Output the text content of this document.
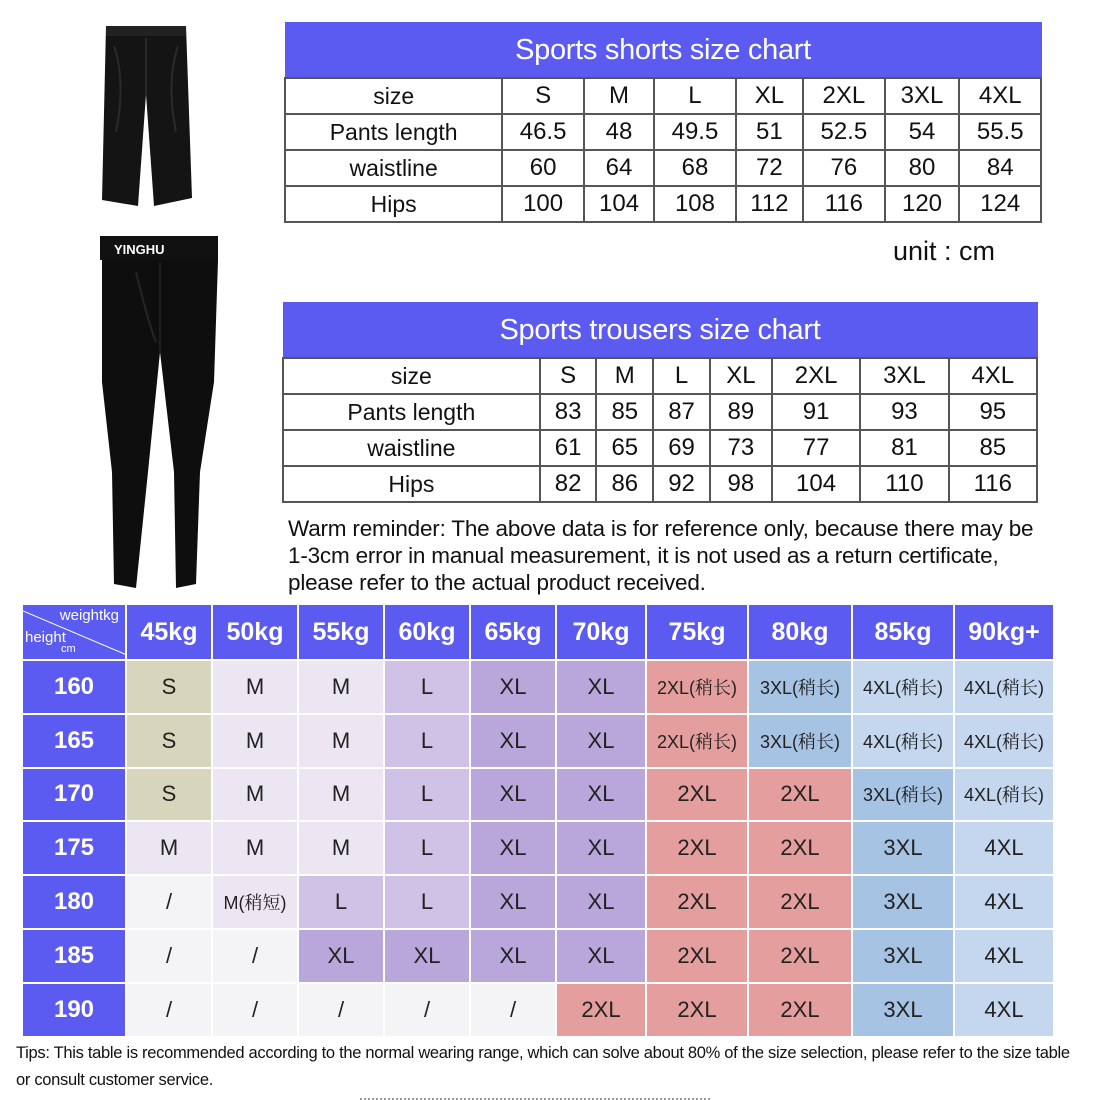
YINGHU
Sports shorts size chart							
size	S	M	L	XL	2XL	3XL	4XL
Pants length	46.5	48	49.5	51	52.5	54	55.5
waistline	60	64	68	72	76	80	84
Hips	100	104	108	112	116	120	124
unit : cm
Sports trousers size chart							
size	S	M	L	XL	2XL	3XL	4XL
Pants length	83	85	87	89	91	93	95
waistline	61	65	69	73	77	81	85
Hips	82	86	92	98	104	110	116
Warm reminder: The above data is for reference only, because there may be 1-3cm error in manual measurement, it is not used as a return certificate, please refer to the actual product received.
weightkg
height
cm
45kg	50kg	55kg	60kg	65kg	70kg	75kg	80kg	85kg	90kg+
160	S	M	M	L	XL	XL	2XL(稍长)	3XL(稍长)	4XL(稍长)	4XL(稍长)
165	S	M	M	L	XL	XL	2XL(稍长)	3XL(稍长)	4XL(稍长)	4XL(稍长)
170	S	M	M	L	XL	XL	2XL	2XL	3XL(稍长)	4XL(稍长)
175	M	M	M	L	XL	XL	2XL	2XL	3XL	4XL
180	/	M(稍短)	L	L	XL	XL	2XL	2XL	3XL	4XL
185	/	/	XL	XL	XL	XL	2XL	2XL	3XL	4XL
190	/	/	/	/	/	2XL	2XL	2XL	3XL	4XL
Tips: This table is recommended according to the normal wearing range, which can solve about 80% of the size selection, please refer to the size table or consult customer service.
